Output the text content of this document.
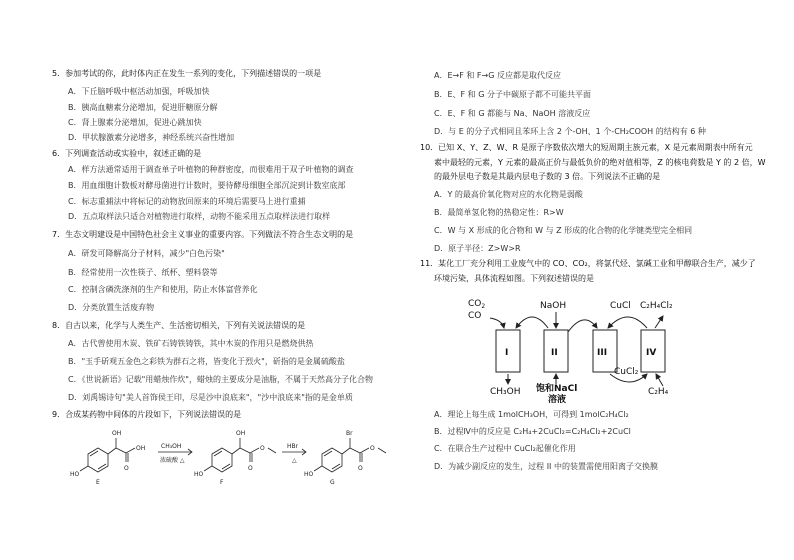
5．参加考试的你，此时体内正在发生一系列的变化，下列描述错误的一项是
A．下丘脑呼吸中枢活动加强，呼吸加快
B．胰高血糖素分泌增加，促进肝糖原分解
C．肾上腺素分泌增加，促进心跳加快
D．甲状腺激素分泌增多，神经系统兴奋性增加
6．下列调查活动或实验中，叙述正确的是
A．样方法通常适用于调查单子叶植物的种群密度，而很难用于双子叶植物的调查
B．用血细胞计数板对酵母菌进行计数时，要待酵母细胞全部沉淀到计数室底部
C．标志重捕法中将标记的动物放回原来的环境后需要马上进行重捕
D．五点取样法只适合对植物进行取样，动物不能采用五点取样法进行取样
7．生态文明建设是中国特色社会主义事业的重要内容。下列做法不符合生态文明的是
A．研发可降解高分子材料，减少"白色污染"
B．经常使用一次性筷子、纸杯、塑料袋等
C．控制含磷洗涤剂的生产和使用，防止水体富营养化
D．分类放置生活废弃物
8．自古以来，化学与人类生产、生活密切相关，下列有关说法错误的是
A．古代曾使用木炭、铁矿石铸铁铸铁，其中木炭的作用只是燃烧供热
B．"玉手斫观五金色之彩铁为群石之将，皆变化于烈火"，斫指的是金属硫酸盐
C．《世说新语》记载"用蜡烛作炊"，蜡烛的主要成分是油脂，不属于天然高分子化合物
D．刘禹锡诗句"美人首饰侯王印，尽是沙中浪底来"，"沙中浪底来"指的是金单质
9．合成某药物中间体的片段如下，下列说法错误的是
HO
OH
O
OH
HO
OH
O
O
HO
Br
O
O
CH₃OH
浓硫酸 △
HBr
△
E	F	G
A．E→F 和 F→G 反应都是取代反应
B．E、F 和 G 分子中碳原子都不可能共平面
C．E、F 和 G 都能与 Na、NaOH 溶液反应
D．与 E 的分子式相同且苯环上含 2 个-OH、1 个-CH₂COOH 的结构有 6 种
10．已知 X、Y、Z、W、R 是原子序数依次增大的短周期主族元素，X 是元素周期表中所有元
素中最轻的元素，Y 元素的最高正价与最低负价的绝对值相等，Z 的核电荷数是 Y 的 2 倍，W
的最外层电子数是其最内层电子数的 3 倍。下列说法不正确的是
A．Y 的最高价氧化物对应的水化物是弱酸
B．最简单氢化物的热稳定性：R>W
C．W 与 X 形成的化合物和 W 与 Z 形成的化合物的化学键类型完全相同
D．原子半径：Z>W>R
11．某化工厂充分利用工业废气中的 CO、CO₂，将氯代烃、氯碱工业和甲醇联合生产，减少了
环境污染，具体流程如图。下列叙述错误的是
A．理论上每生成 1molCH₃OH，可得到 1molC₂H₄Cl₂
B．过程Ⅳ中的反应是 C₂H₄+2CuCl₂=C₂H₄Cl₂+2CuCl
C．在联合生产过程中 CuCl₂起催化作用
D．为减少副反应的发生，过程 II 中的装置需使用阳离子交换膜
$CO_2$
CO
NaOH	CuCl C₂H₄Cl₂
I	II	III	IV
CH₃OH 饱和NaCl
溶液
CuCl₂
C₂H₄
